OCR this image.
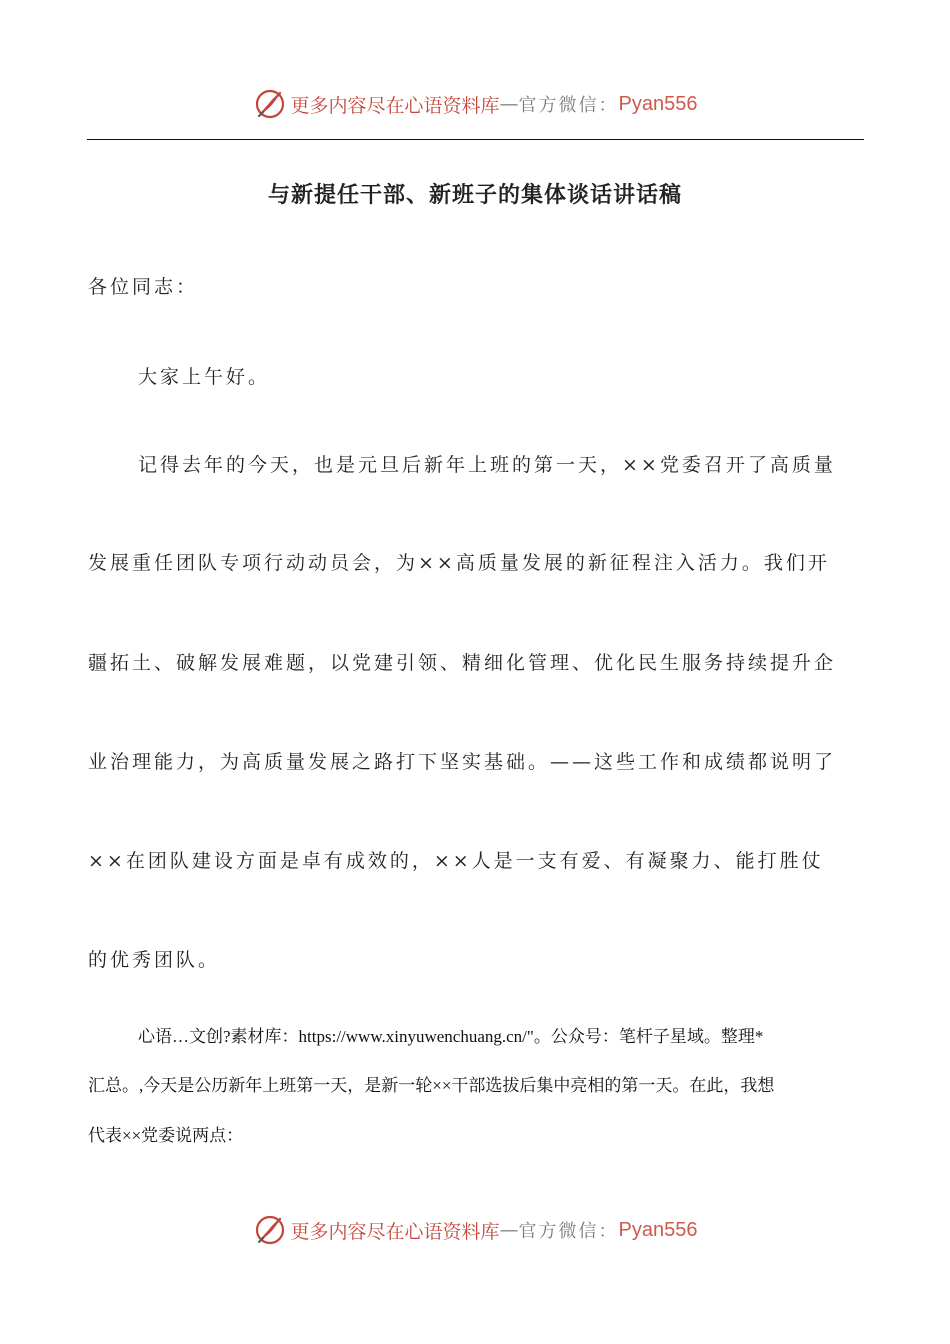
更多内容尽在心语资料库 — 官方微信： Pyan556
与新提任干部、新班子的集体谈话讲话稿
各位同志：
大家上午好。
记得去年的今天，也是元旦后新年上班的第一天，××党委召开了高质量
发展重任团队专项行动动员会，为××高质量发展的新征程注入活力。我们开
疆拓土、破解发展难题，以党建引领、精细化管理、优化民生服务持续提升企
业治理能力，为高质量发展之路打下坚实基础。——这些工作和成绩都说明了
××在团队建设方面是卓有成效的，××人是一支有爱、有凝聚力、能打胜仗
的优秀团队。
心语…文创?素材库：https://www.xinyuwenchuang.cn/"。公众号：笔杆子星域。整理*
汇总。,今天是公历新年上班第一天，是新一轮××干部选拔后集中亮相的第一天。在此，我想
代表××党委说两点：
更多内容尽在心语资料库 — 官方微信： Pyan556
